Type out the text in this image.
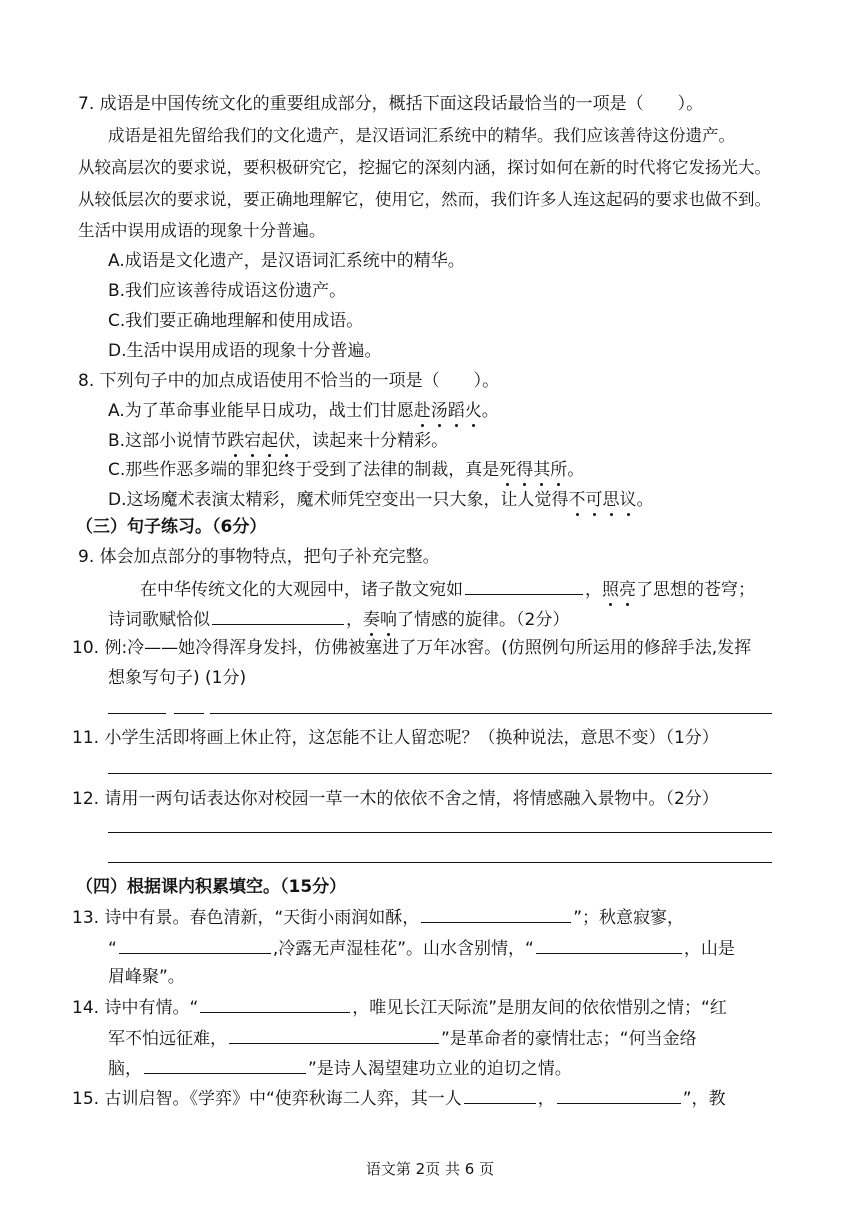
7. 成语是中国传统文化的重要组成部分，概括下面这段话最恰当的一项是（　　）。
成语是祖先留给我们的文化遗产，是汉语词汇系统中的精华。我们应该善待这份遗产。
从较高层次的要求说，要积极研究它，挖掘它的深刻内涵，探讨如何在新的时代将它发扬光大。
从较低层次的要求说，要正确地理解它，使用它，然而，我们许多人连这起码的要求也做不到。
生活中误用成语的现象十分普遍。
A.成语是文化遗产，是汉语词汇系统中的精华。
B.我们应该善待成语这份遗产。
C.我们要正确地理解和使用成语。
D.生活中误用成语的现象十分普遍。
8. 下列句子中的加点成语使用不恰当的一项是（　　）。
A.为了革命事业能早日成功，战士们甘愿赴汤蹈火。
B.这部小说情节跌宕起伏，读起来十分精彩。
C.那些作恶多端的罪犯终于受到了法律的制裁，真是死得其所。
D.这场魔术表演太精彩，魔术师凭空变出一只大象，让人觉得不可思议。
（三）句子练习。（6分）
9. 体会加点部分的事物特点，把句子补充完整。
在中华传统文化的大观园中，诸子散文宛如	，照亮了思想的苍穹；
诗词歌赋恰似	，奏响了情感的旋律。（2分）
10. 例:冷——她冷得浑身发抖，仿佛被塞进了万年冰窖。(仿照例句所运用的修辞手法,发挥
想象写句子) (1分)
11. 小学生活即将画上休止符，这怎能不让人留恋呢？（换种说法，意思不变）（1分）
12. 请用一两句话表达你对校园一草一木的依依不舍之情，将情感融入景物中。（2分）
（四）根据课内积累填空。（15分）
13. 诗中有景。春色清新，“天街小雨润如酥，	”；秋意寂寥，
“	,冷露无声湿桂花”。山水含别情，“	，山是
眉峰聚”。
14. 诗中有情。“	，唯见长江天际流”是朋友间的依依惜别之情；“红
军不怕远征难，	”是革命者的豪情壮志；“何当金络
脑，	”是诗人渴望建功立业的迫切之情。
15. 古训启智。《学弈》中“使弈秋诲二人弈，其一人	，	”，教
语文第 2页 共 6 页
